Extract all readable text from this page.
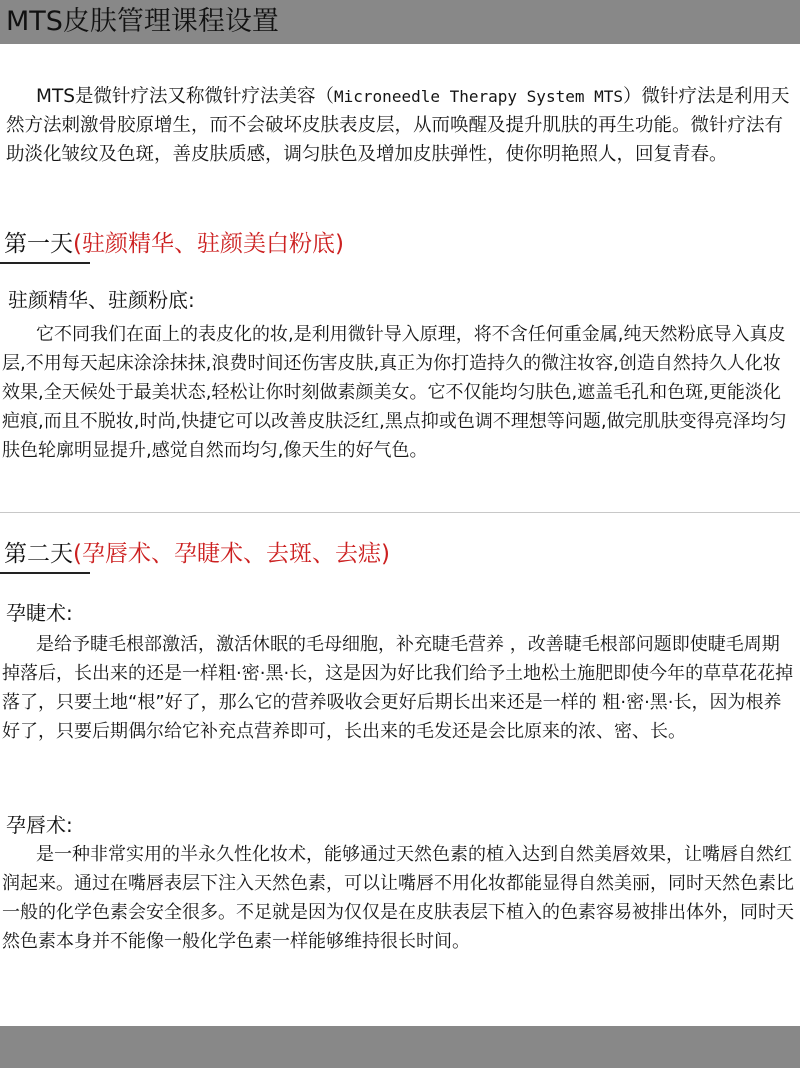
MTS皮肤管理课程设置

MTS是微针疗法又称微针疗法美容（Microneedle Therapy System MTS）微针疗法是利用天然方法刺激骨胶原增生，而不会破坏皮肤表皮层，从而唤醒及提升肌肤的再生功能。微针疗法有助淡化皱纹及色斑，善皮肤质感，调匀肤色及增加皮肤弹性，使你明艳照人，回复青春。

第一天(驻颜精华、驻颜美白粉底)
驻颜精华、驻颜粉底:

它不同我们在面上的表皮化的妆,是利用微针导入原理，将不含任何重金属,纯天然粉底导入真皮层,不用每天起床涂涂抹抹,浪费时间还伤害皮肤,真正为你打造持久的微注妆容,创造自然持久人化妆效果,全天候处于最美状态,轻松让你时刻做素颜美女。它不仅能均匀肤色,遮盖毛孔和色斑,更能淡化疤痕,而且不脱妆,时尚,快捷它可以改善皮肤泛红,黑点抑或色调不理想等问题,做完肌肤变得亮泽均匀肤色轮廓明显提升,感觉自然而均匀,像天生的好气色。

第二天(孕唇术、孕睫术、去斑、去痣)
孕睫术:

是给予睫毛根部激活，激活休眠的毛母细胞，补充睫毛营养 ，改善睫毛根部问题即使睫毛周期掉落后，长出来的还是一样粗·密·黑·长，这是因为好比我们给予土地松土施肥即使今年的草草花花掉落了，只要土地“根”好了，那么它的营养吸收会更好后期长出来还是一样的 粗·密·黑·长，因为根养好了，只要后期偶尔给它补充点营养即可，长出来的毛发还是会比原来的浓、密、长。

孕唇术:

是一种非常实用的半永久性化妆术，能够通过天然色素的植入达到自然美唇效果，让嘴唇自然红润起来。通过在嘴唇表层下注入天然色素，可以让嘴唇不用化妆都能显得自然美丽，同时天然色素比一般的化学色素会安全很多。不足就是因为仅仅是在皮肤表层下植入的色素容易被排出体外，同时天然色素本身并不能像一般化学色素一样能够维持很长时间。
